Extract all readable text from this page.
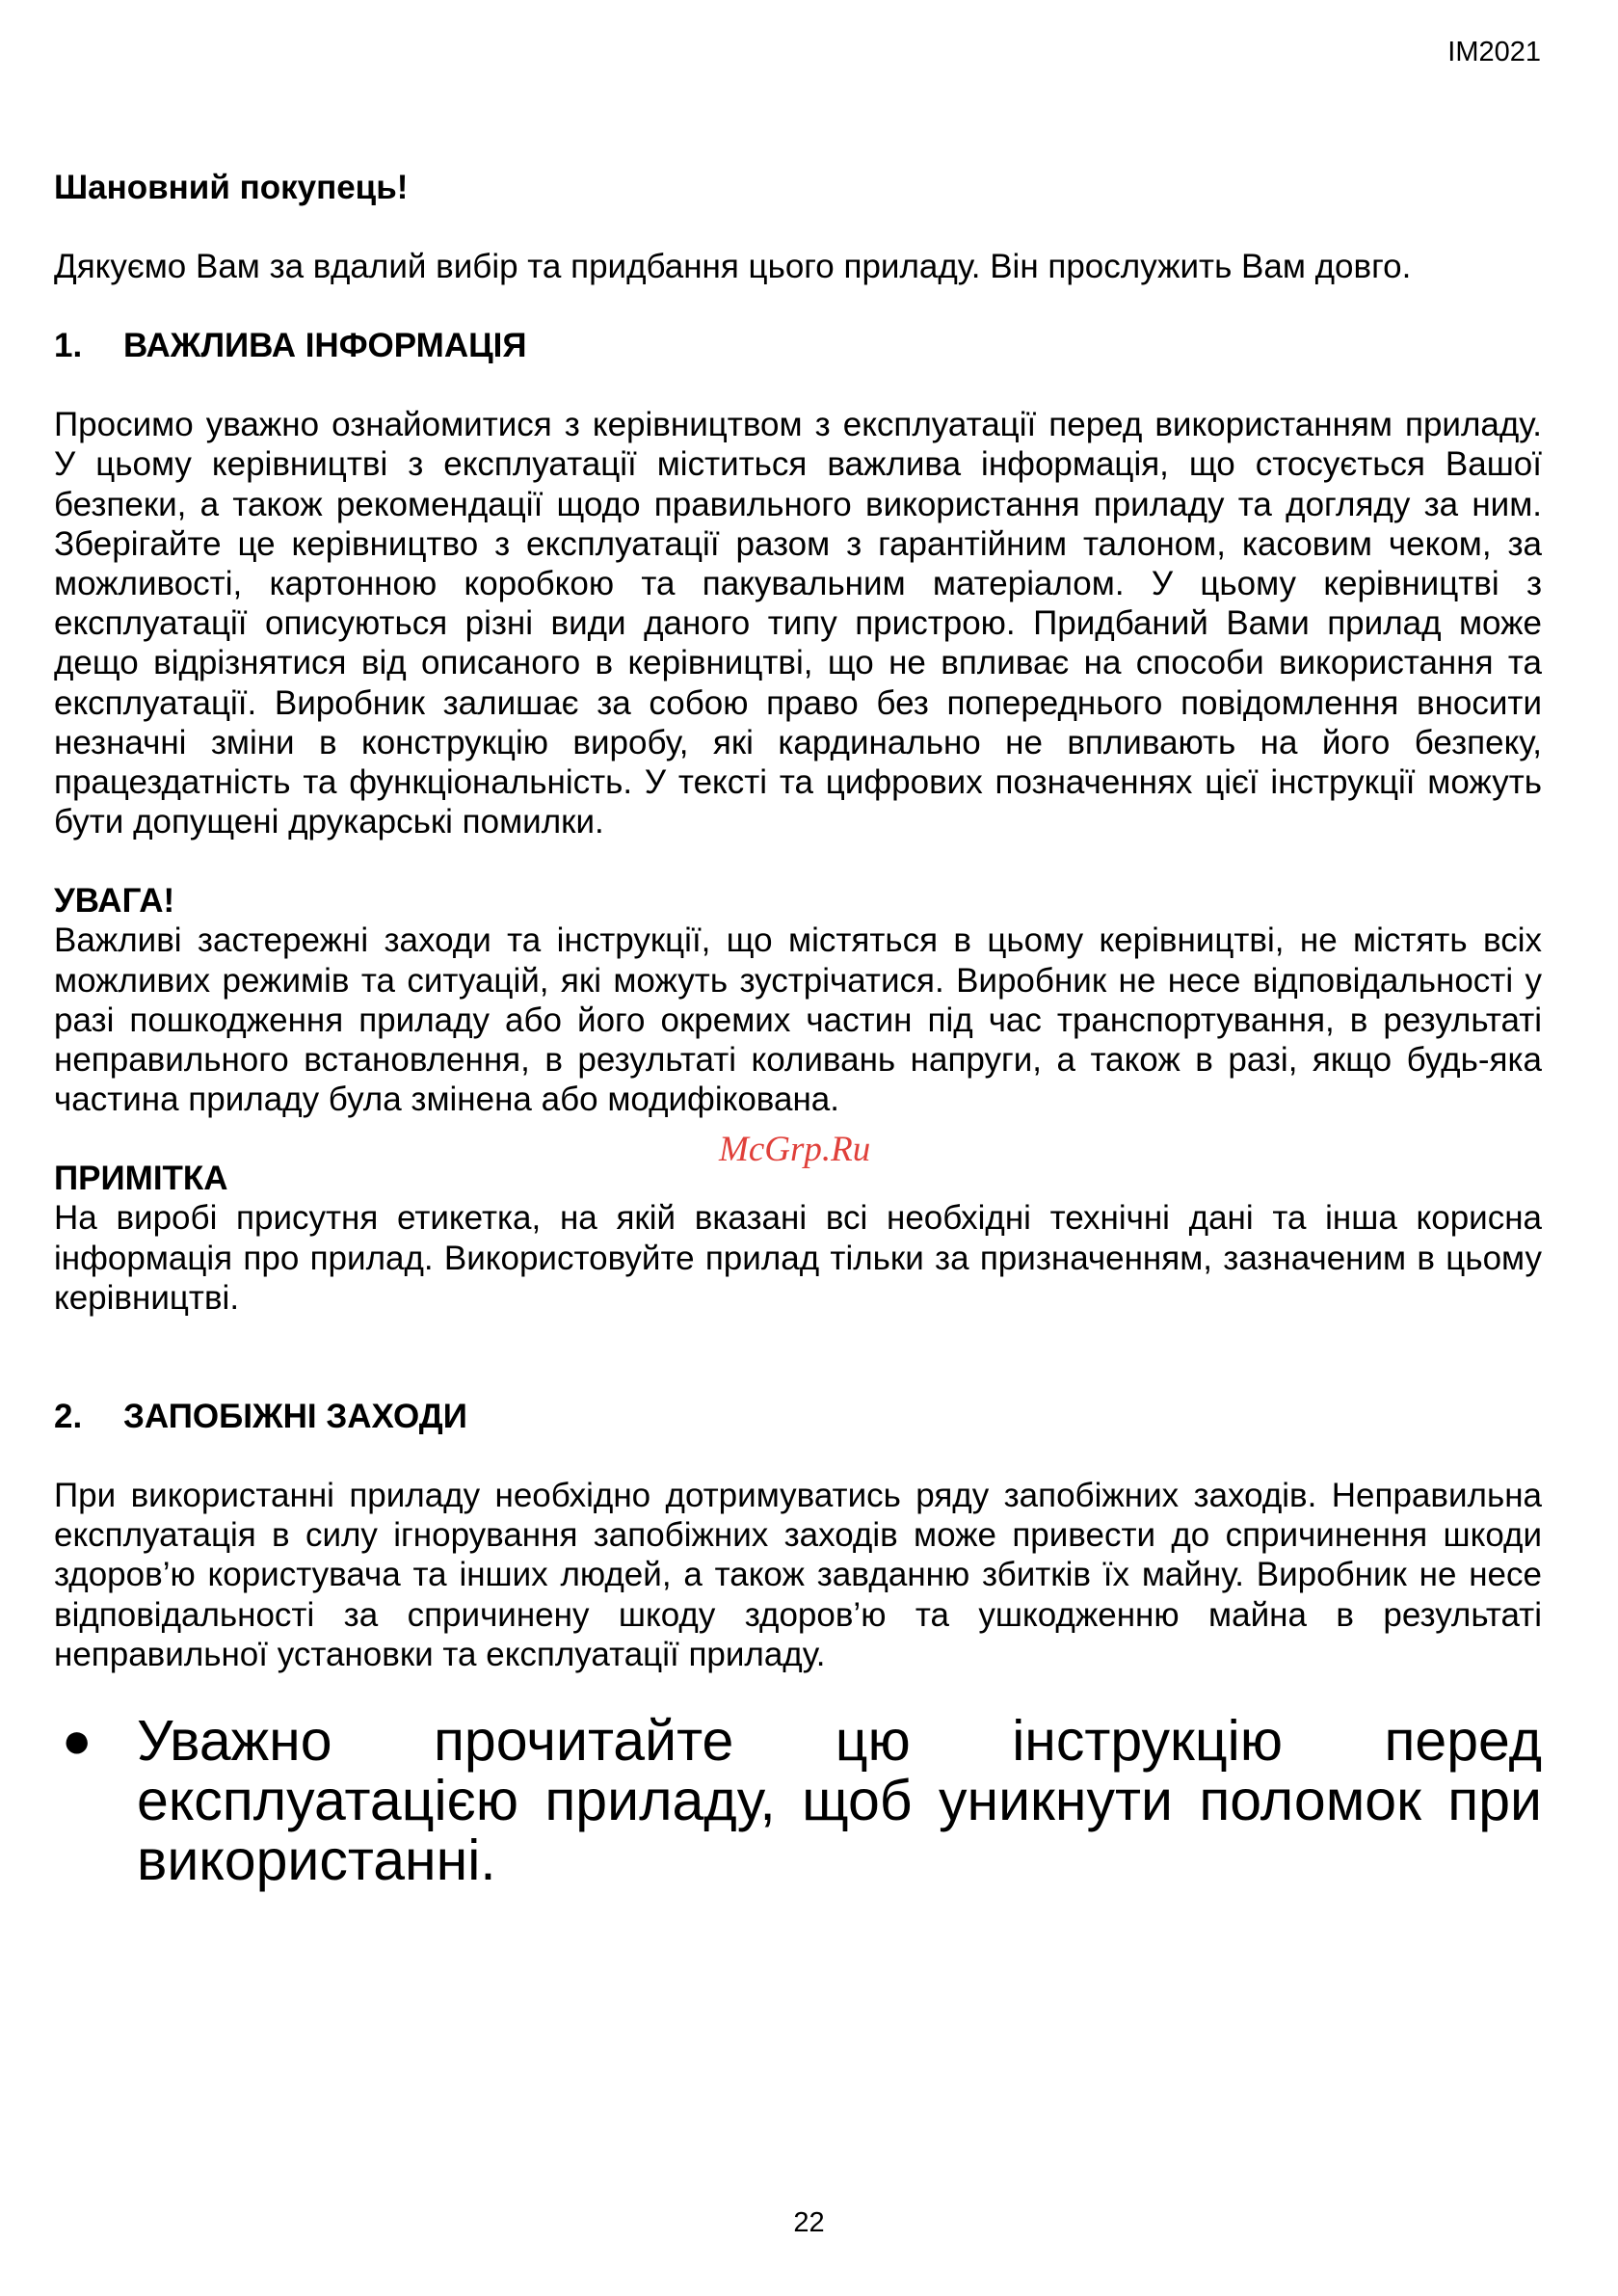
IM2021

Шановний покупець!

Дякуємо Вам за вдалий вибір та придбання цього приладу. Він прослужить Вам довго.

1. ВАЖЛИВА ІНФОРМАЦІЯ

Просимо уважно ознайомитися з керівництвом з експлуатації перед використанням приладу. У цьому керівництві з експлуатації міститься важлива інформація, що стосується Вашої безпеки, а також рекомендації щодо правильного використання приладу та догляду за ним. Зберігайте це керівництво з експлуатації разом з гарантійним талоном, касовим чеком, за можливості, картонною коробкою та пакувальним матеріалом. У цьому керівництві з експлуатації описуються різні види даного типу пристрою. Придбаний Вами прилад може дещо відрізнятися від описаного в керівництві, що не впливає на способи використання та експлуатації. Виробник залишає за собою право без попереднього повідомлення вносити незначні зміни в конструкцію виробу, які кардинально не впливають на його безпеку, працездатність та функціональність. У тексті та цифрових позначеннях цієї інструкції можуть бути допущені друкарські помилки.

УВАГА!

Важливі застережні заходи та інструкції, що містяться в цьому керівництві, не містять всіх можливих режимів та ситуацій, які можуть зустрічатися. Виробник не несе відповідальності у разі пошкодження приладу або його окремих частин під час транспортування, в результаті неправильного встановлення, в результаті коливань напруги, а також в разі, якщо будь-яка частина приладу була змінена або модифікована.

ПРИМІТКА

На виробі присутня етикетка, на якій вказані всі необхідні технічні дані та інша корисна інформація про прилад. Використовуйте прилад тільки за призначенням, зазначеним в цьому керівництві.

2. ЗАПОБІЖНІ ЗАХОДИ

При використанні приладу необхідно дотримуватись ряду запобіжних заходів. Неправильна експлуатація в силу ігнорування запобіжних заходів може привести до спричинення шкоди здоров’ю користувача та інших людей, а також завданню збитків їх майну. Виробник не несе відповідальності за спричинену шкоду здоров’ю та ушкодженню майна в результаті неправильної установки та експлуатації приладу.

● Уважно прочитайте цю інструкцію перед експлуатацією приладу, щоб уникнути поломок при використанні.
McGrp.Ru
22
